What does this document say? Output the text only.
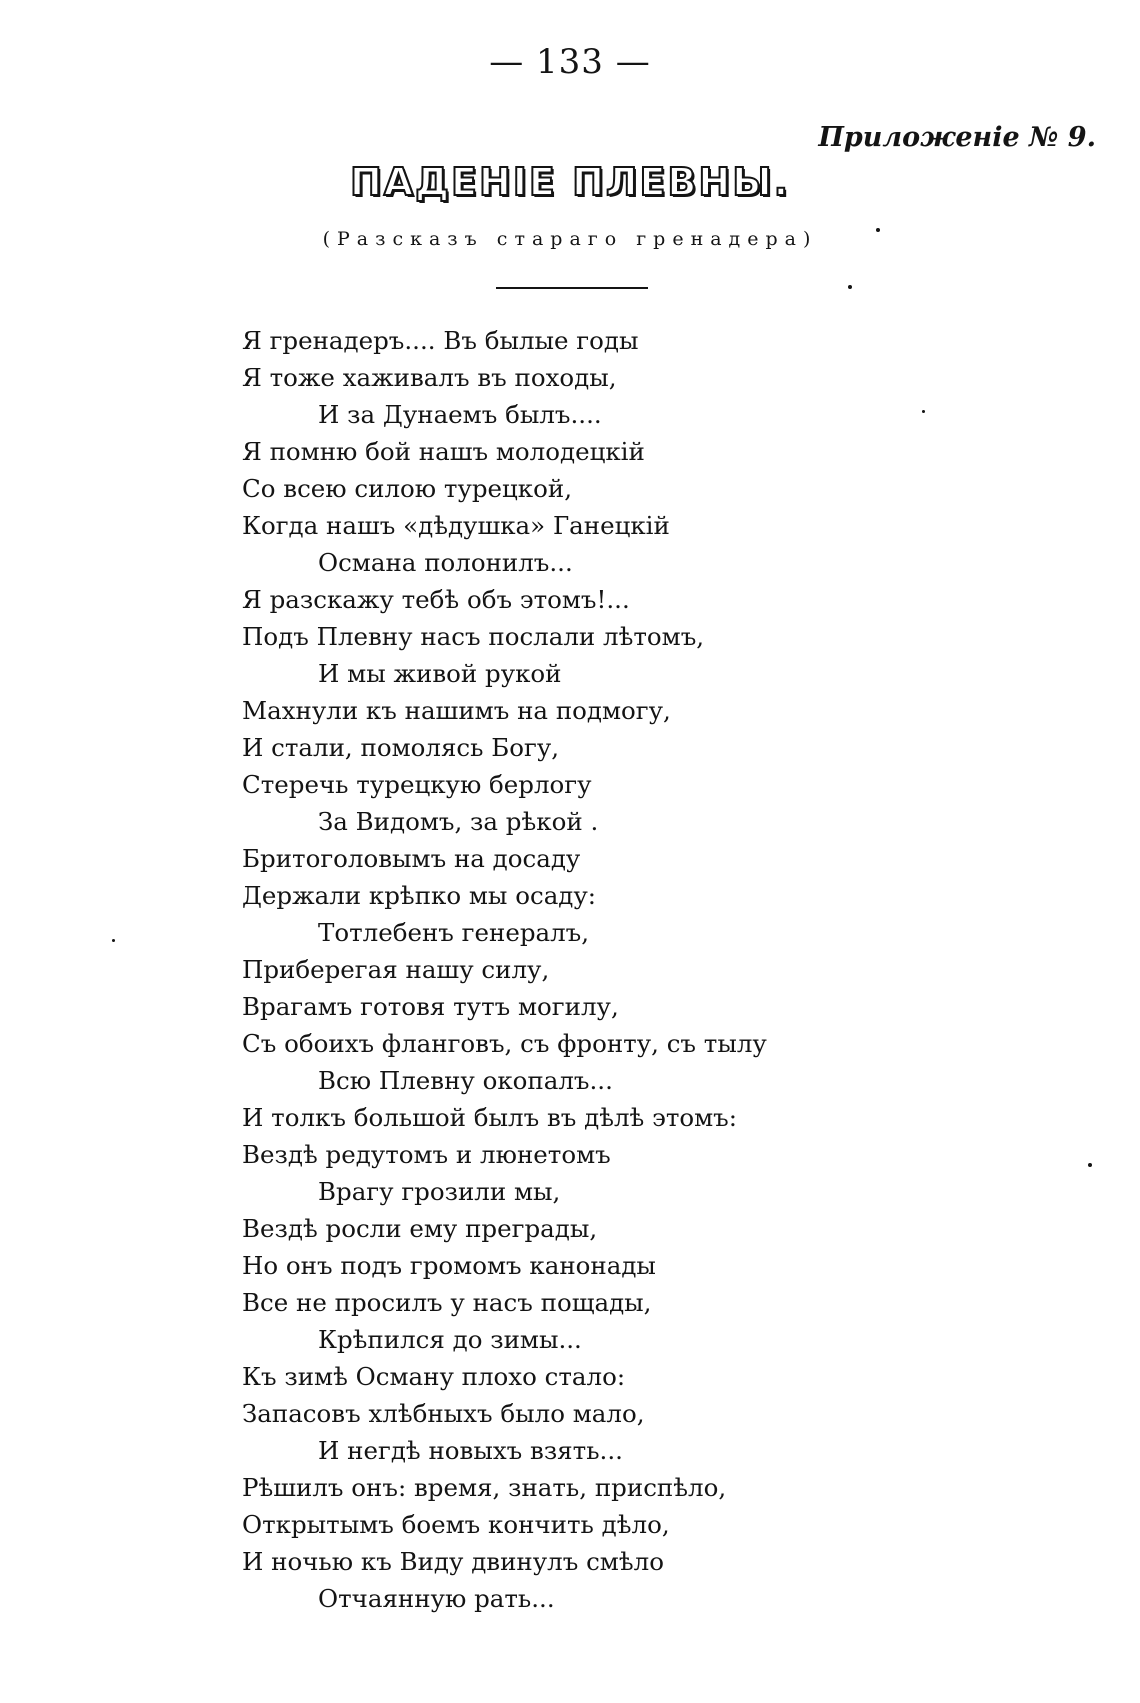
— 133 —
Приложенiе № 9.
ПАДЕНІЕ ПЛЕВНЫ.
(Разсказъ стараго гренадера)
Я гренадеръ.... Въ былые годы
Я тоже хаживалъ въ походы,
И за Дунаемъ былъ....
Я помню бой нашъ молодецкій
Со всею силою турецкой,
Когда нашъ «дѣдушка» Ганецкій
Османа полонилъ...
Я разскажу тебѣ объ этомъ!...
Подъ Плевну насъ послали лѣтомъ,
И мы живой рукой
Махнули къ нашимъ на подмогу,
И стали, помолясь Богу,
Стеречь турецкую берлогу
За Видомъ, за рѣкой .
Бритоголовымъ на досаду
Держали крѣпко мы осаду:
Тотлебенъ генералъ,
Приберегая нашу силу,
Врагамъ готовя тутъ могилу,
Съ обоихъ фланговъ, съ фронту, съ тылу
Всю Плевну окопалъ...
И толкъ большой былъ въ дѣлѣ этомъ:
Вездѣ редутомъ и люнетомъ
Врагу грозили мы,
Вездѣ росли ему преграды,
Но онъ подъ громомъ канонады
Все не просилъ у насъ пощады,
Крѣпился до зимы...
Къ зимѣ Осману плохо стало:
Запасовъ хлѣбныхъ было мало,
И негдѣ новыхъ взять...
Рѣшилъ онъ: время, знать, приспѣло,
Открытымъ боемъ кончить дѣло,
И ночью къ Виду двинулъ смѣло
Отчаянную рать...
